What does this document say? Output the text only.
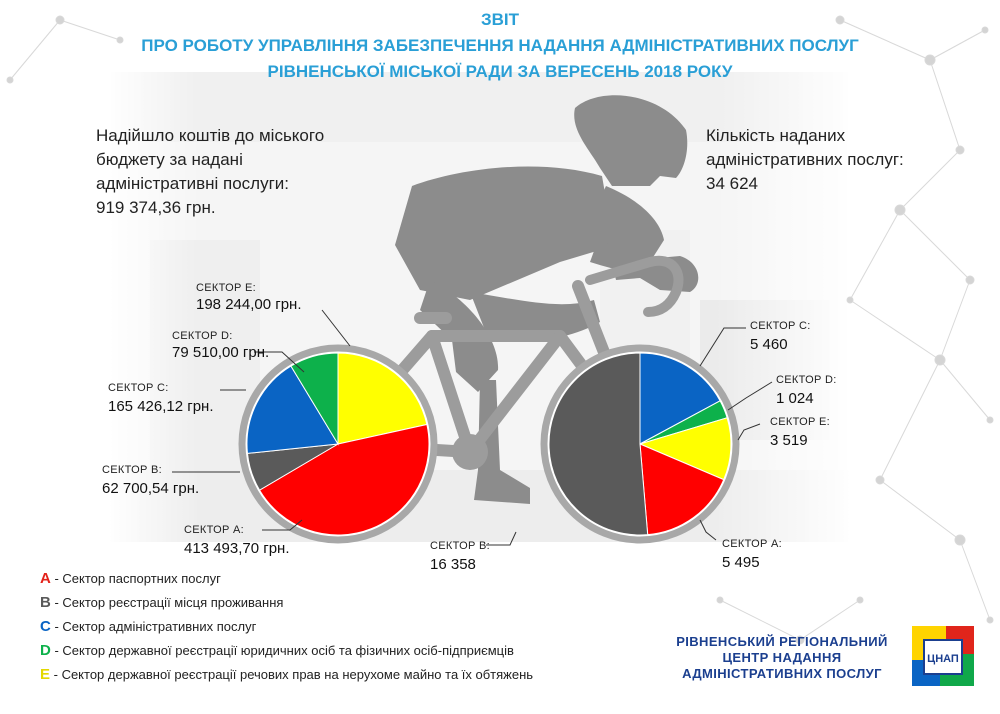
ЦНАП
ЗВІТ
ПРО РОБОТУ УПРАВЛІННЯ ЗАБЕЗПЕЧЕННЯ НАДАННЯ АДМІНІСТРАТИВНИХ ПОСЛУГ
РІВНЕНСЬКОЇ МІСЬКОЇ РАДИ ЗА ВЕРЕСЕНЬ 2018 РОКУ
Надійшло коштів до міського
бюджету за надані
адміністративні послуги:
919 374,36 грн.
Кількість наданих
адміністративних послуг:
34 624
СЕКТОР Е:
198 244,00 грн.
СЕКТОР D:
79 510,00 грн.
СЕКТОР С:
165 426,12 грн.
СЕКТОР В:
62 700,54 грн.
СЕКТОР А:
413 493,70 грн.
СЕКТОР С:
5 460
СЕКТОР D:
1 024
СЕКТОР Е:
3 519
СЕКТОР А:
5 495
СЕКТОР В:
16 358
A - Сектор паспортних послуг
B - Сектор реєстрації місця проживання
C - Сектор адміністративних послуг
D - Сектор державної реєстрації юридичних осіб та фізичних осіб-підприємців
E - Сектор державної реєстрації речових прав на нерухоме майно та їх обтяжень
РІВНЕНСЬКИЙ РЕГІОНАЛЬНИЙ
ЦЕНТР НАДАННЯ
АДМІНІСТРАТИВНИХ ПОСЛУГ
